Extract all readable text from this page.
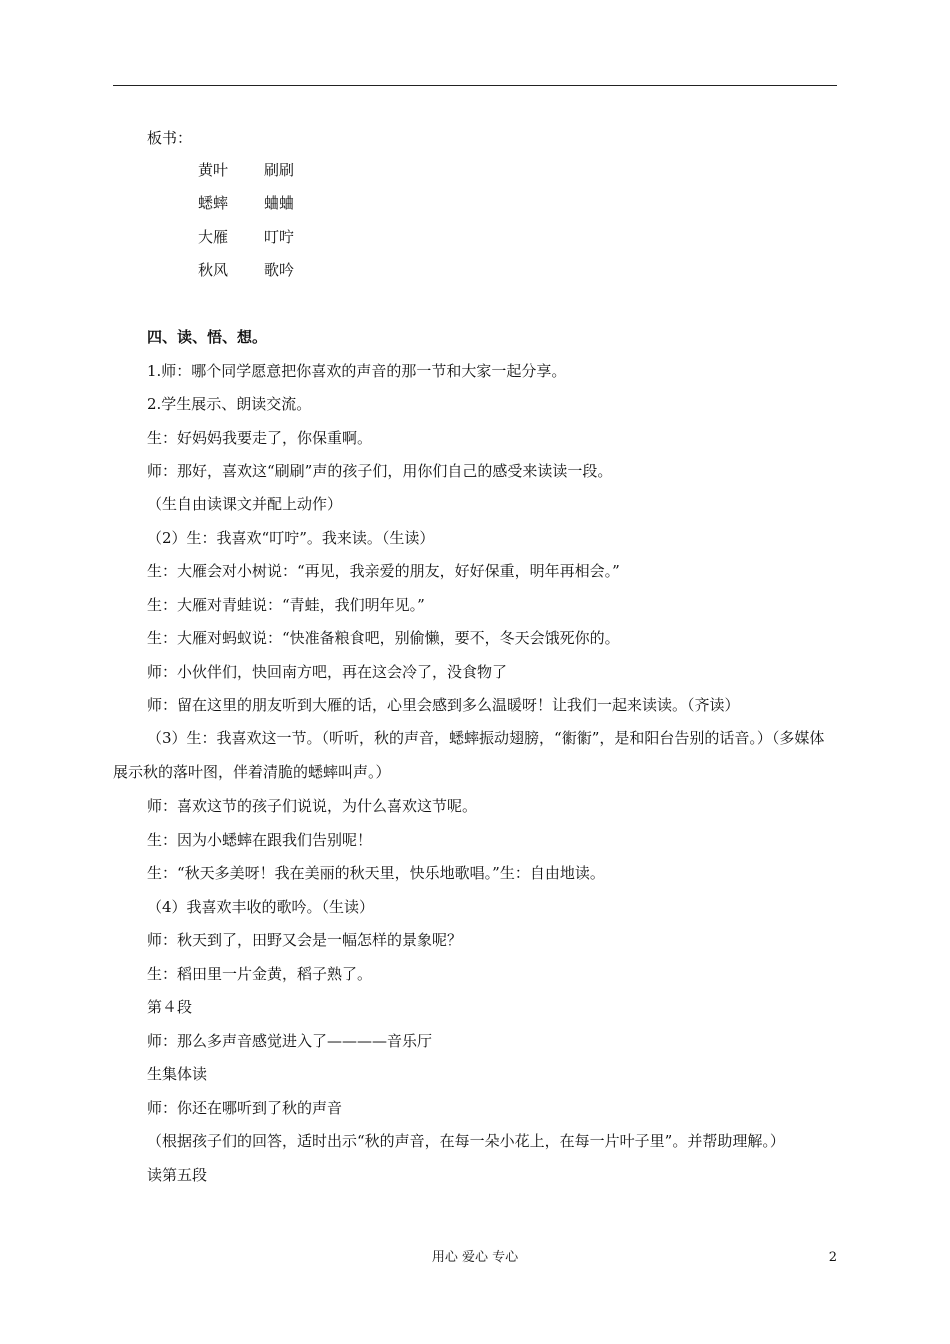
板书：
黄叶 刷刷
蟋蟀 蛐蛐
大雁 叮咛
秋风 歌吟
四、读、悟、想。
1.师：哪个同学愿意把你喜欢的声音的那一节和大家一起分享。
2.学生展示、朗读交流。
生：好妈妈我要走了，你保重啊。
师：那好，喜欢这“刷刷”声的孩子们，用你们自己的感受来读读一段。
（生自由读课文并配上动作）
（2）生：我喜欢“叮咛”。我来读。（生读）
生：大雁会对小树说：“再见，我亲爱的朋友，好好保重，明年再相会。”
生：大雁对青蛙说：“青蛙，我们明年见。”
生：大雁对蚂蚁说：“快准备粮食吧，别偷懒，要不，冬天会饿死你的。
师：小伙伴们，快回南方吧，再在这会冷了，没食物了
师：留在这里的朋友听到大雁的话，心里会感到多么温暖呀！让我们一起来读读。（齐读）
（3）生：我喜欢这一节。（听听，秋的声音，蟋蟀振动翅膀，“䘗䘗”，是和阳台告别的话音。）（多媒体展示秋的落叶图，伴着清脆的蟋蟀叫声。）
师：喜欢这节的孩子们说说，为什么喜欢这节呢。
生：因为小蟋蟀在跟我们告别呢！
生：“秋天多美呀！我在美丽的秋天里，快乐地歌唱。”生：自由地读。
（4）我喜欢丰收的歌吟。（生读）
师：秋天到了，田野又会是一幅怎样的景象呢？
生：稻田里一片金黄，稻子熟了。
第４段
师：那么多声音感觉进入了————音乐厅
生集体读
师：你还在哪听到了秋的声音
（根据孩子们的回答，适时出示“秋的声音，在每一朵小花上，在每一片叶子里”。并帮助理解。）
读第五段
用心 爱心 专心	2
